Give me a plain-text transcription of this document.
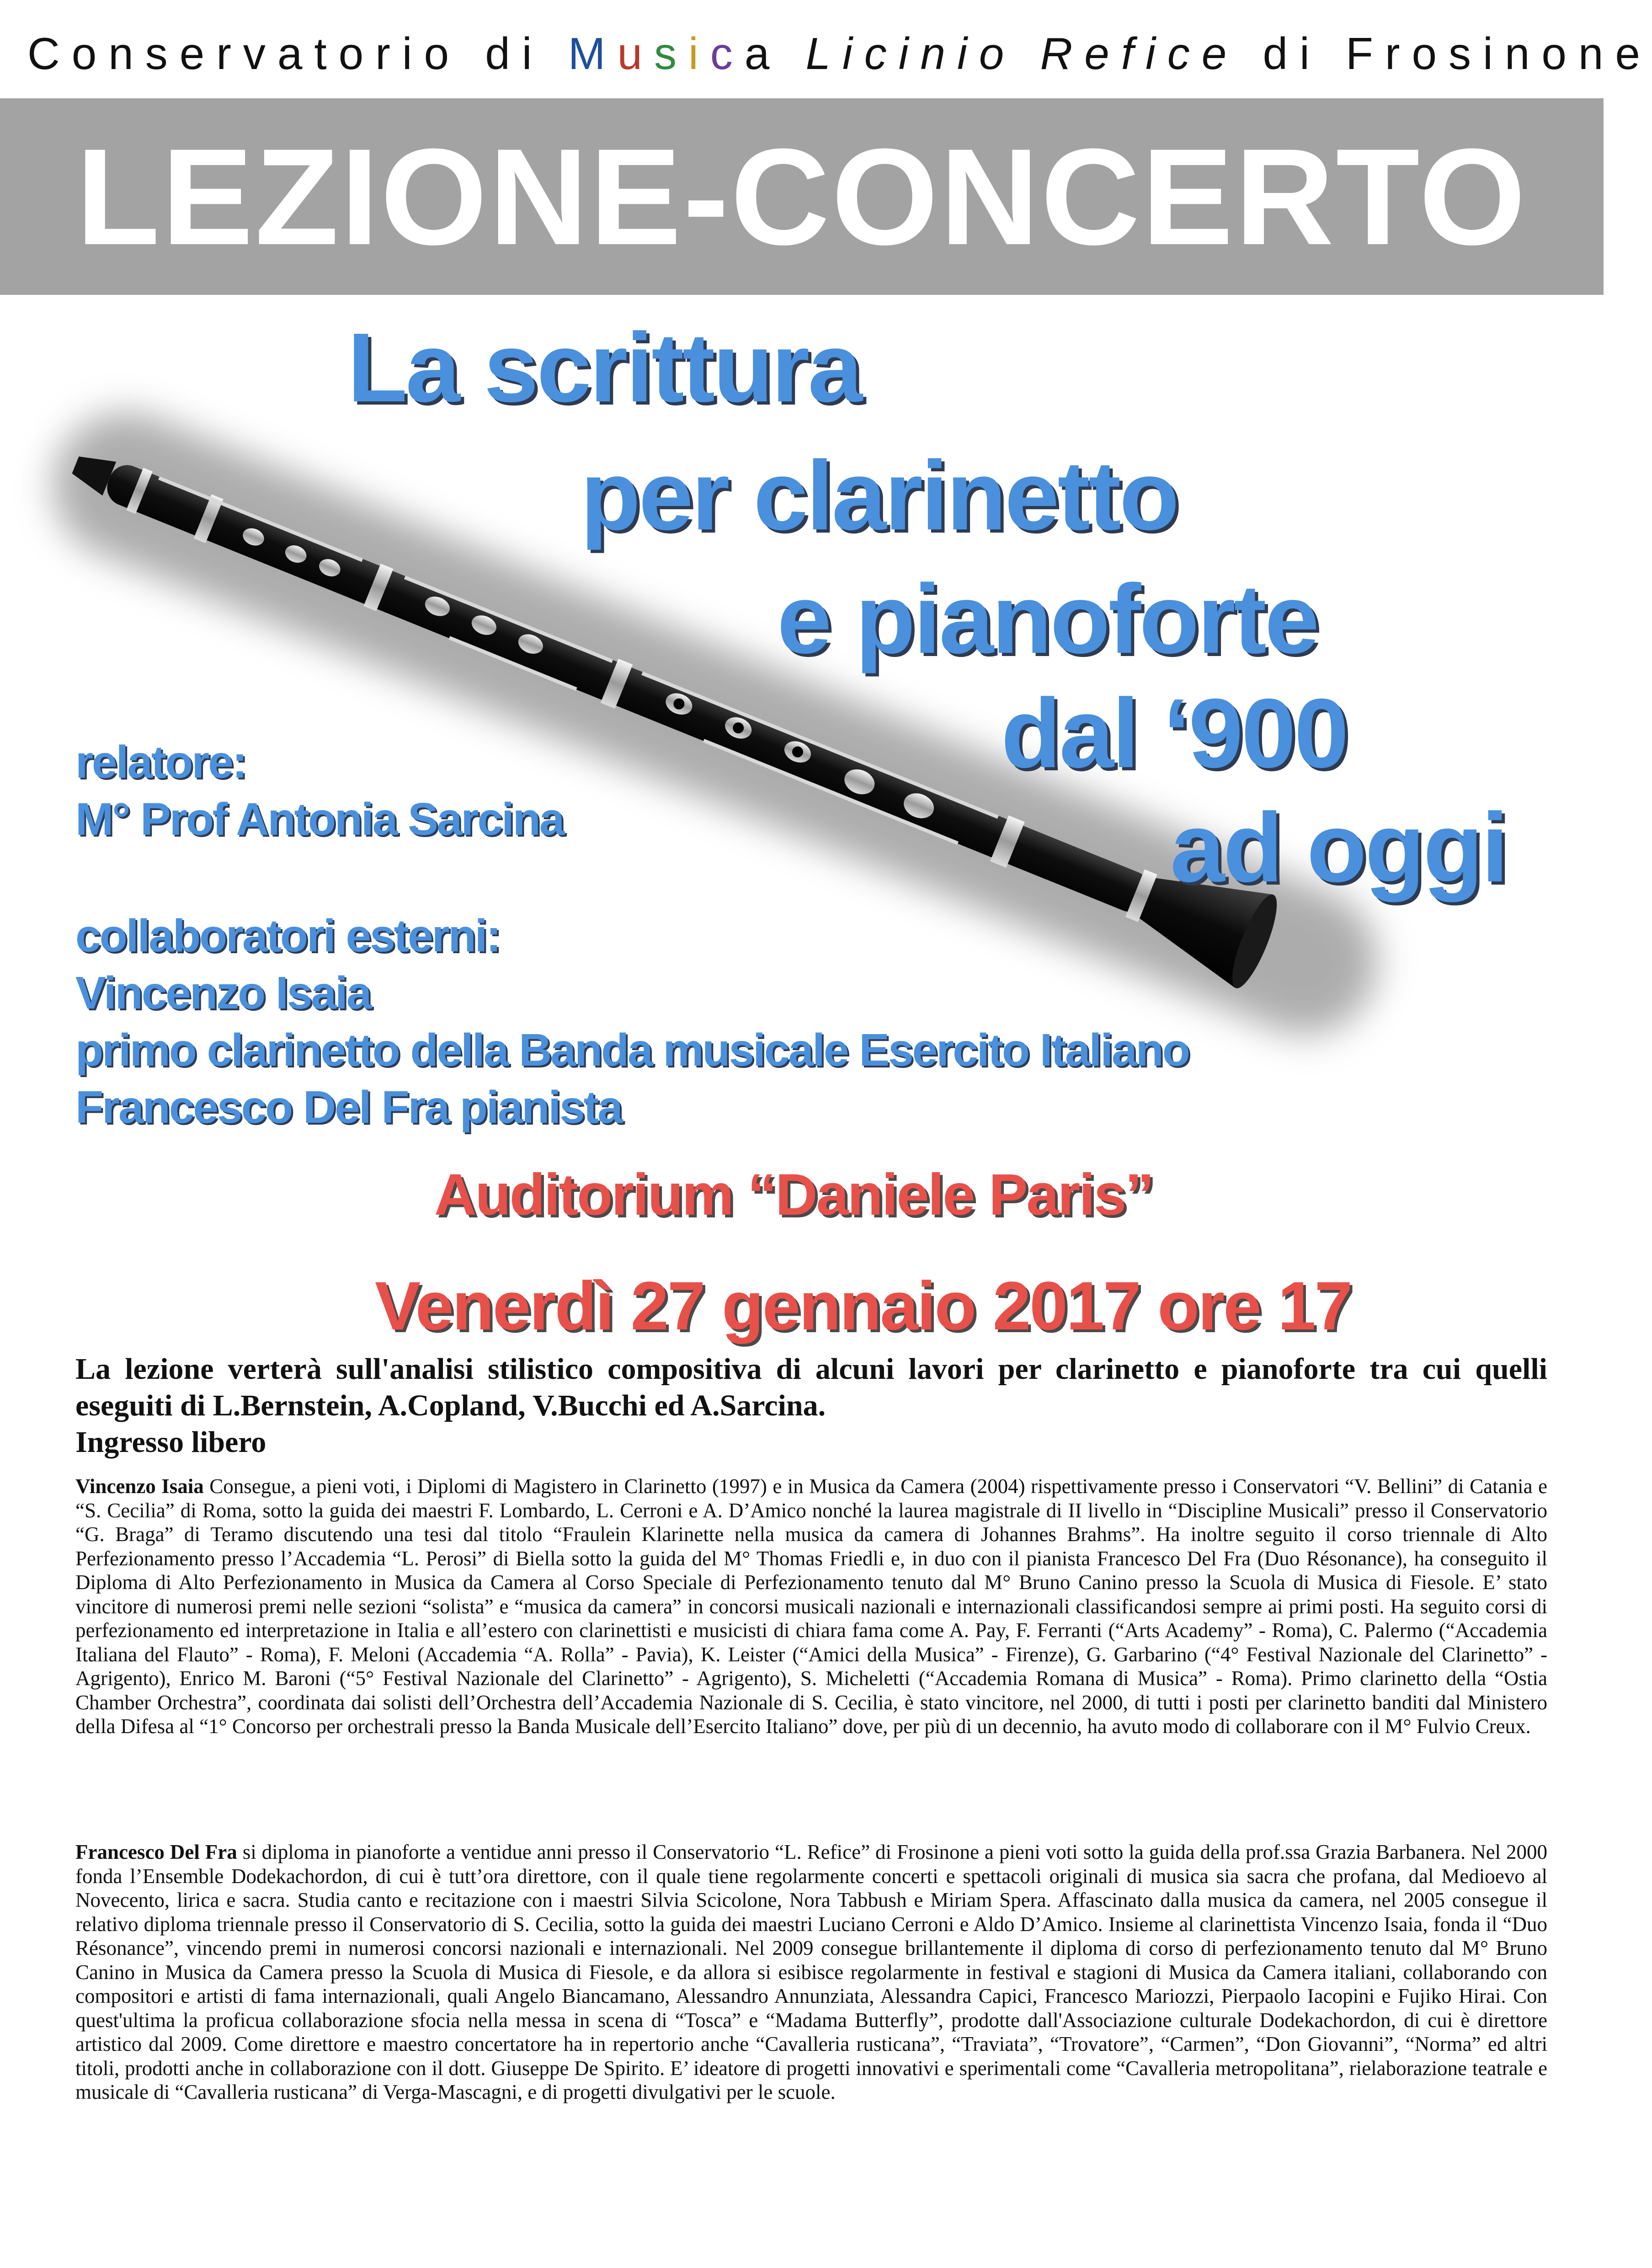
Conservatorio di Musica Licinio Refice di Frosinone
LEZIONE-CONCERTO
La scrittura
per clarinetto
e pianoforte
dal ‘900
ad oggi
relatore:
M° Prof Antonia Sarcina
collaboratori esterni:
Vincenzo Isaia
primo clarinetto della Banda musicale Esercito Italiano
Francesco Del Fra pianista
Auditorium “Daniele Paris”
Venerdì 27 gennaio 2017 ore 17
La lezione verterà sull'analisi stilistico compositiva di alcuni lavori per clarinetto e pianoforte tra cui quelli eseguiti di L.Bernstein, A.Copland, V.Bucchi ed A.Sarcina.
Ingresso libero
Vincenzo Isaia Consegue, a pieni voti, i Diplomi di Magistero in Clarinetto (1997) e in Musica da Camera (2004) rispettivamente presso i Conservatori “V. Bellini” di Catania e “S. Cecilia” di Roma, sotto la guida dei maestri F. Lombardo, L. Cerroni e A. D’Amico nonché la laurea magistrale di II livello in “Discipline Musicali” presso il Conservatorio “G. Braga” di Teramo discutendo una tesi dal titolo “Fraulein Klarinette nella musica da camera di Johannes Brahms”. Ha inoltre seguito il corso triennale di Alto Perfezionamento presso l’Accademia “L. Perosi” di Biella sotto la guida del M° Thomas Friedli e, in duo con il pianista Francesco Del Fra (Duo Résonance), ha conseguito il Diploma di Alto Perfezionamento in Musica da Camera al Corso Speciale di Perfezionamento tenuto dal M° Bruno Canino presso la Scuola di Musica di Fiesole. E’ stato vincitore di numerosi premi nelle sezioni “solista” e “musica da camera” in concorsi musicali nazionali e internazionali classificandosi sempre ai primi posti. Ha seguito corsi di perfezionamento ed interpretazione in Italia e all’estero con clarinettisti e musicisti di chiara fama come A. Pay, F. Ferranti (“Arts Academy” - Roma), C. Palermo (“Accademia Italiana del Flauto” - Roma), F. Meloni (Accademia “A. Rolla” - Pavia), K. Leister (“Amici della Musica” - Firenze), G. Garbarino (“4° Festival Nazionale del Clarinetto” - Agrigento), Enrico M. Baroni (“5° Festival Nazionale del Clarinetto” - Agrigento), S. Micheletti (“Accademia Romana di Musica” - Roma). Primo clarinetto della “Ostia Chamber Orchestra”, coordinata dai solisti dell’Orchestra dell’Accademia Nazionale di S. Cecilia, è stato vincitore, nel 2000, di tutti i posti per clarinetto banditi dal Ministero della Difesa al “1° Concorso per orchestrali presso la Banda Musicale dell’Esercito Italiano” dove, per più di un decennio, ha avuto modo di collaborare con il M° Fulvio Creux.
Francesco Del Fra si diploma in pianoforte a ventidue anni presso il Conservatorio “L. Refice” di Frosinone a pieni voti sotto la guida della prof.ssa Grazia Barbanera. Nel 2000 fonda l’Ensemble Dodekachordon, di cui è tutt’ora direttore, con il quale tiene regolarmente concerti e spettacoli originali di musica sia sacra che profana, dal Medioevo al Novecento, lirica e sacra. Studia canto e recitazione con i maestri Silvia Scicolone, Nora Tabbush e Miriam Spera. Affascinato dalla musica da camera, nel 2005 consegue il relativo diploma triennale presso il Conservatorio di S. Cecilia, sotto la guida dei maestri Luciano Cerroni e Aldo D’Amico. Insieme al clarinettista Vincenzo Isaia, fonda il “Duo Résonance”, vincendo premi in numerosi concorsi nazionali e internazionali. Nel 2009 consegue brillantemente il diploma di corso di perfezionamento tenuto dal M° Bruno Canino in Musica da Camera presso la Scuola di Musica di Fiesole, e da allora si esibisce regolarmente in festival e stagioni di Musica da Camera italiani, collaborando con compositori e artisti di fama internazionali, quali Angelo Biancamano, Alessandro Annunziata, Alessandra Capici, Francesco Mariozzi, Pierpaolo Iacopini e Fujiko Hirai. Con quest'ultima la proficua collaborazione sfocia nella messa in scena di “Tosca” e “Madama Butterfly”, prodotte dall'Associazione culturale Dodekachordon, di cui è direttore artistico dal 2009. Come direttore e maestro concertatore ha in repertorio anche “Cavalleria rusticana”, “Traviata”, “Trovatore”, “Carmen”, “Don Giovanni”, “Norma” ed altri titoli, prodotti anche in collaborazione con il dott. Giuseppe De Spirito. E’ ideatore di progetti innovativi e sperimentali come “Cavalleria metropolitana”, rielaborazione teatrale e musicale di “Cavalleria rusticana” di Verga-Mascagni, e di progetti divulgativi per le scuole.
